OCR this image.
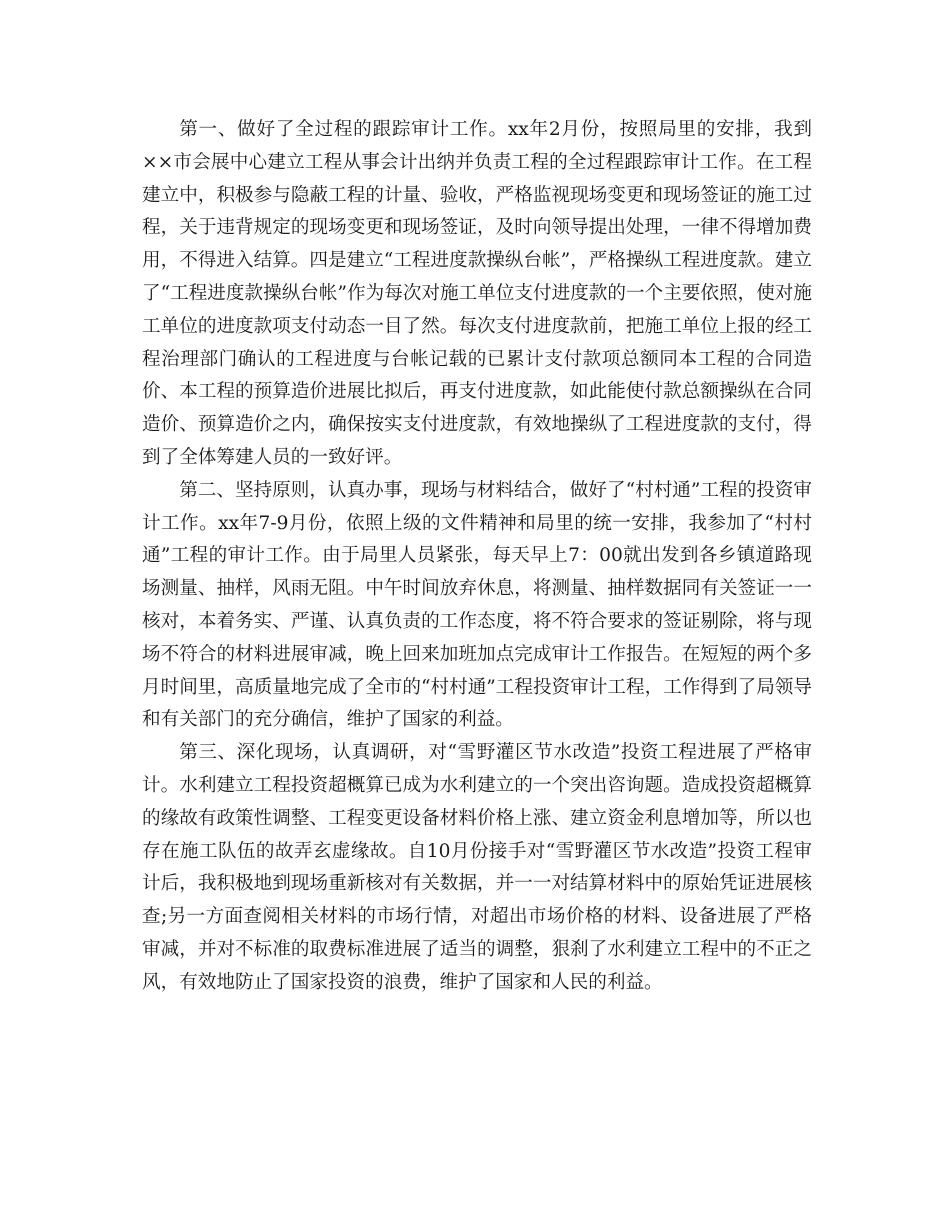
第一、做好了全过程的跟踪审计工作。xx年2月份，按照局里的安排，我到××市会展中心建立工程从事会计出纳并负责工程的全过程跟踪审计工作。在工程建立中，积极参与隐蔽工程的计量、验收，严格监视现场变更和现场签证的施工过程，关于违背规定的现场变更和现场签证，及时向领导提出处理，一律不得增加费用，不得进入结算。四是建立“工程进度款操纵台帐”，严格操纵工程进度款。建立了“工程进度款操纵台帐”作为每次对施工单位支付进度款的一个主要依照，使对施工单位的进度款项支付动态一目了然。每次支付进度款前，把施工单位上报的经工程治理部门确认的工程进度与台帐记载的已累计支付款项总额同本工程的合同造价、本工程的预算造价进展比拟后，再支付进度款，如此能使付款总额操纵在合同造价、预算造价之内，确保按实支付进度款，有效地操纵了工程进度款的支付，得到了全体筹建人员的一致好评。

第二、坚持原则，认真办事，现场与材料结合，做好了“村村通”工程的投资审计工作。xx年7-9月份，依照上级的文件精神和局里的统一安排，我参加了“村村通”工程的审计工作。由于局里人员紧张，每天早上7：00就出发到各乡镇道路现场测量、抽样，风雨无阻。中午时间放弃休息，将测量、抽样数据同有关签证一一核对，本着务实、严谨、认真负责的工作态度，将不符合要求的签证剔除，将与现场不符合的材料进展审减，晚上回来加班加点完成审计工作报告。在短短的两个多月时间里，高质量地完成了全市的“村村通”工程投资审计工程，工作得到了局领导和有关部门的充分确信，维护了国家的利益。

第三、深化现场，认真调研，对“雪野灌区节水改造”投资工程进展了严格审计。水利建立工程投资超概算已成为水利建立的一个突出咨询题。造成投资超概算的缘故有政策性调整、工程变更设备材料价格上涨、建立资金利息增加等，所以也存在施工队伍的故弄玄虚缘故。自10月份接手对“雪野灌区节水改造”投资工程审计后，我积极地到现场重新核对有关数据，并一一对结算材料中的原始凭证进展核查;另一方面查阅相关材料的市场行情，对超出市场价格的材料、设备进展了严格审减，并对不标准的取费标准进展了适当的调整，狠刹了水利建立工程中的不正之风，有效地防止了国家投资的浪费，维护了国家和人民的利益。
